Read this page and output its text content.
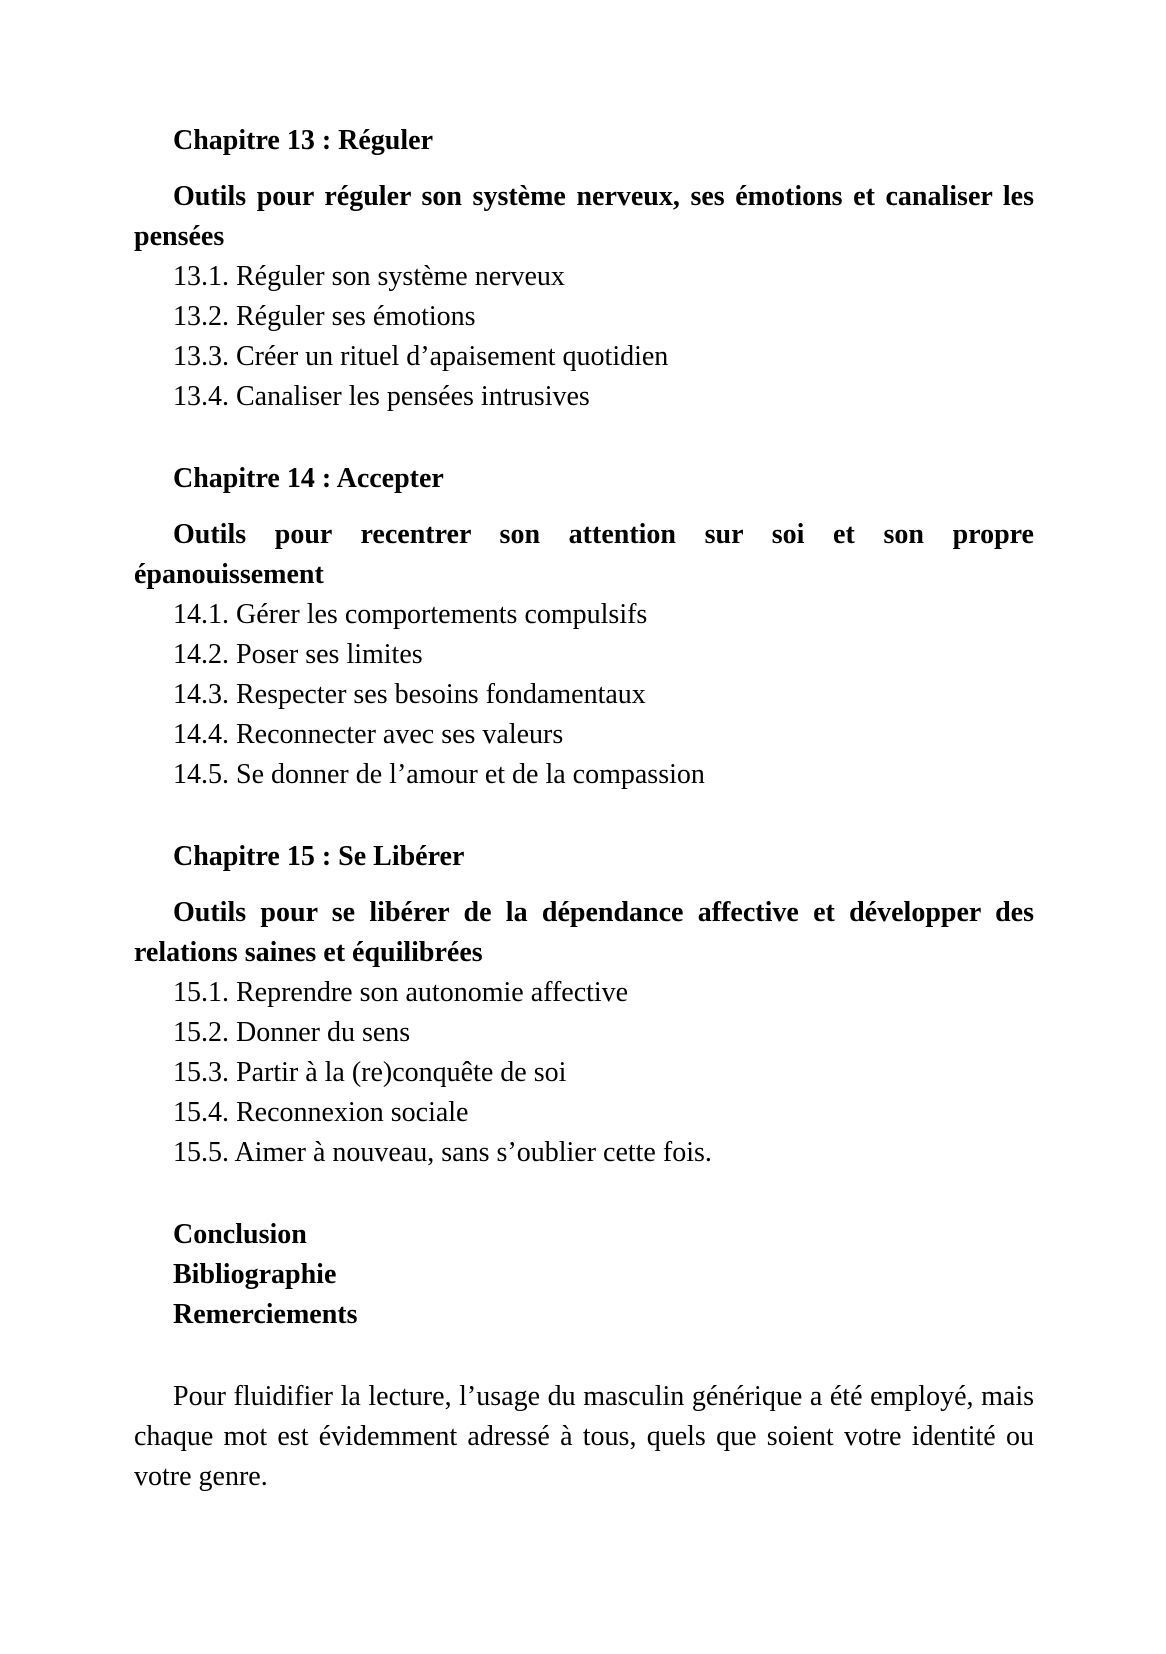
Chapitre 13 : Réguler
Outils pour réguler son système nerveux, ses émotions et canaliser les pensées
13.1. Réguler son système nerveux
13.2. Réguler ses émotions
13.3. Créer un rituel d’apaisement quotidien
13.4. Canaliser les pensées intrusives
Chapitre 14 : Accepter
Outils pour recentrer son attention sur soi et son propre épanouissement
14.1. Gérer les comportements compulsifs
14.2. Poser ses limites
14.3. Respecter ses besoins fondamentaux
14.4. Reconnecter avec ses valeurs
14.5. Se donner de l’amour et de la compassion
Chapitre 15 : Se Libérer
Outils pour se libérer de la dépendance affective et développer des relations saines et équilibrées
15.1. Reprendre son autonomie affective
15.2. Donner du sens
15.3. Partir à la (re)conquête de soi
15.4. Reconnexion sociale
15.5. Aimer à nouveau, sans s’oublier cette fois.
Conclusion
Bibliographie
Remerciements

Pour fluidifier la lecture, l’usage du masculin générique a été employé, mais chaque mot est évidemment adressé à tous, quels que soient votre identité ou votre genre.
